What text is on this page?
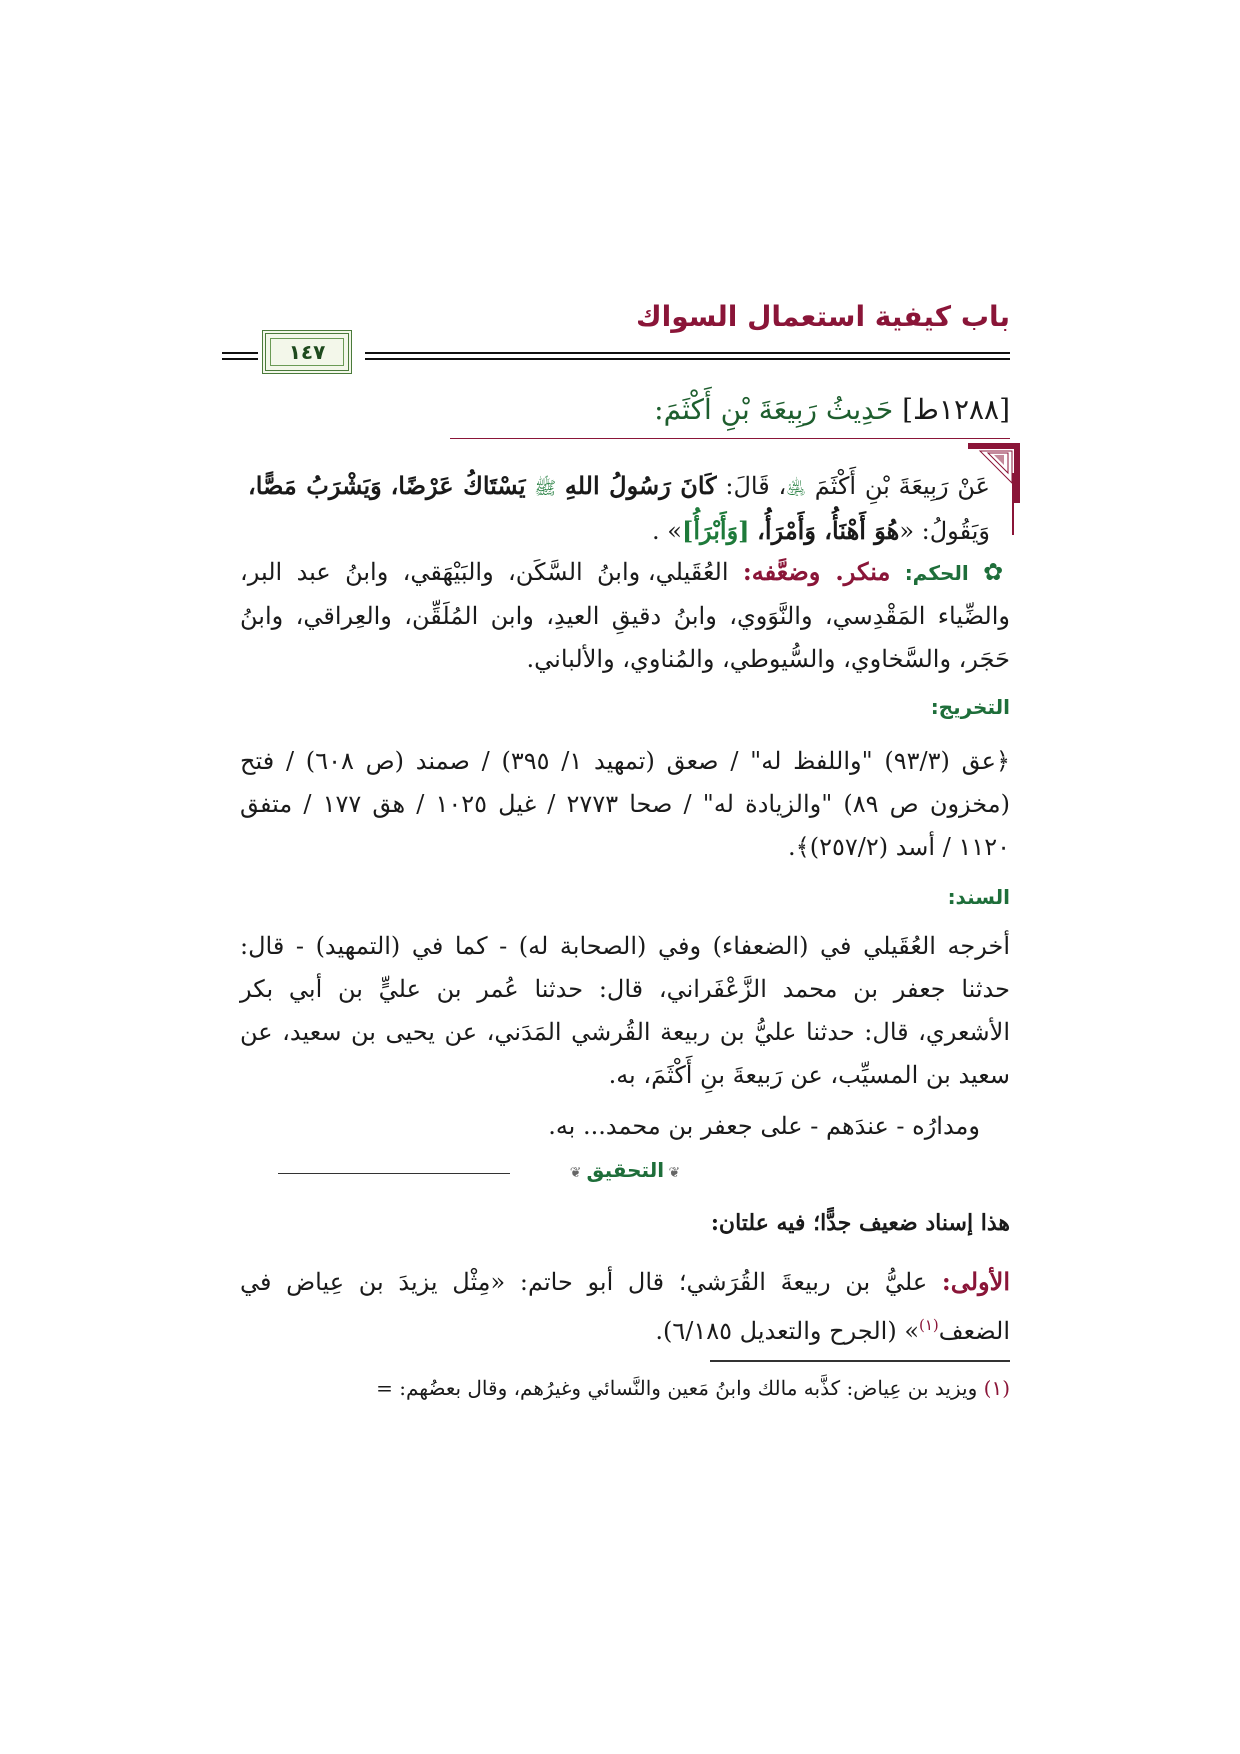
باب كيفية استعمال السواك
١٤٧
[١٢٨٨ط] حَدِيثُ رَبِيعَةَ بْنِ أَكْثَمَ:
عَنْ رَبِيعَةَ بْنِ أَكْثَمَ ﵁، قَالَ: كَانَ رَسُولُ اللهِ ﷺ يَسْتَاكُ عَرْضًا، وَيَشْرَبُ مَصًّا، وَيَقُولُ: «هُوَ أَهْنَأُ، وَأَمْرَأُ، [وَأَبْرَأُ]» .
✿ الحكم: منكر. وضعَّفه: العُقَيلي، وابنُ السَّكَن، والبَيْهَقي، وابنُ عبد البر، والضِّياء المَقْدِسي، والنَّوَوي، وابنُ دقيقِ العيدِ، وابن المُلَقِّن، والعِراقي، وابنُ حَجَر، والسَّخاوي، والسُّيوطي، والمُناوي، والألباني.
التخريج:
﴿عق (٩٣/٣) "واللفظ له" / صعق (تمهيد ١/ ٣٩٥) / صمند (ص ٦٠٨) / فتح (مخزون ص ٨٩) "والزيادة له" / صحا ٢٧٧٣ / غيل ١٠٢٥ / هق ١٧٧ / متفق ١١٢٠ / أسد (٢٥٧/٢)﴾.
السند:
أخرجه العُقَيلي في (الضعفاء) وفي (الصحابة له) - كما في (التمهيد) - قال: حدثنا جعفر بن محمد الزَّعْفَراني، قال: حدثنا عُمر بن عليٍّ بن أبي بكر الأشعري، قال: حدثنا عليُّ بن ربيعة القُرشي المَدَني، عن يحيى بن سعيد، عن سعيد بن المسيِّب، عن رَبيعةَ بنِ أَكْثَمَ، به.
ومدارُه - عندَهم - على جعفر بن محمد... به.
❦ التحقيق ❦
هذا إسناد ضعيف جدًّا؛ فيه علتان:
الأولى: عليُّ بن ربيعةَ القُرَشي؛ قال أبو حاتم: «مِثْل يزيدَ بن عِياض في الضعف$^{(١)}$» (الجرح والتعديل ٦/١٨٥).
(١) ويزيد بن عِياض: كذَّبه مالك وابنُ مَعين والنَّسائي وغيرُهم، وقال بعضُهم: =
